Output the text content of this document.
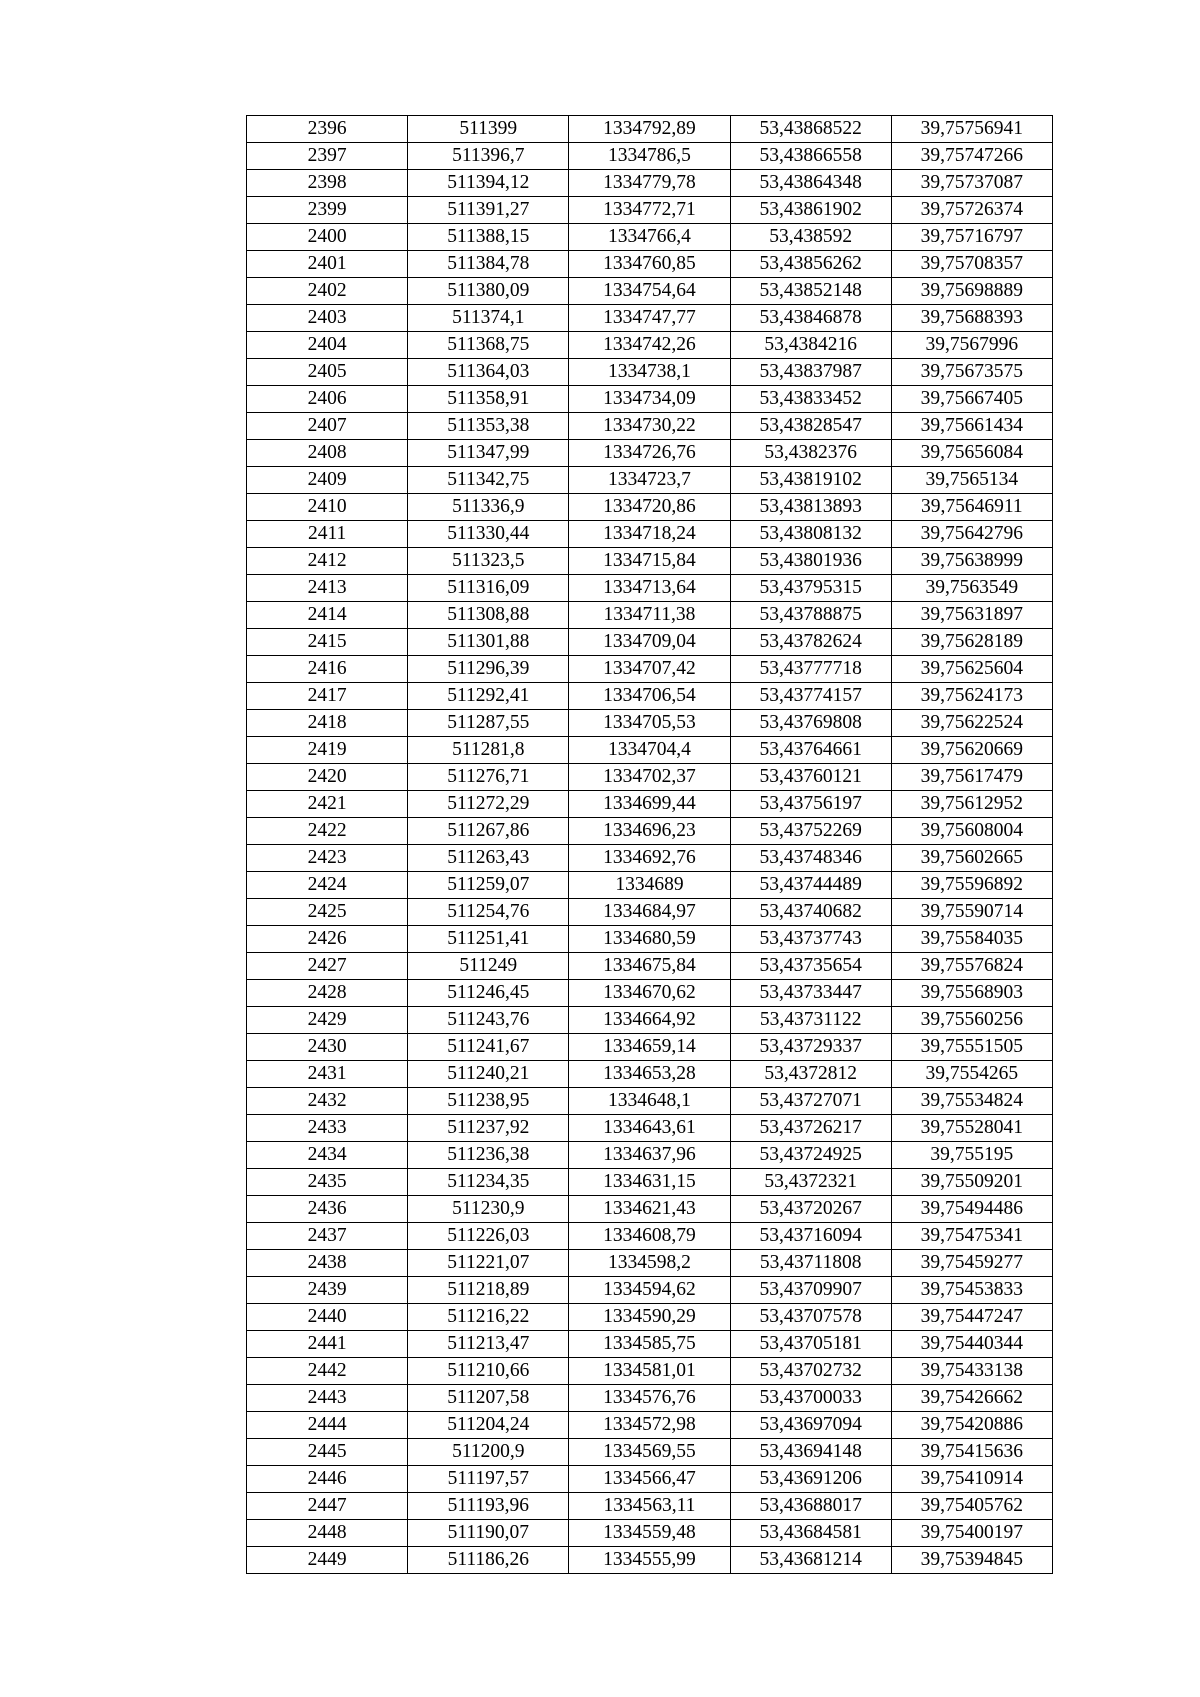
2396	511399	1334792,89	53,43868522	39,75756941
2397	511396,7	1334786,5	53,43866558	39,75747266
2398	511394,12	1334779,78	53,43864348	39,75737087
2399	511391,27	1334772,71	53,43861902	39,75726374
2400	511388,15	1334766,4	53,438592	39,75716797
2401	511384,78	1334760,85	53,43856262	39,75708357
2402	511380,09	1334754,64	53,43852148	39,75698889
2403	511374,1	1334747,77	53,43846878	39,75688393
2404	511368,75	1334742,26	53,4384216	39,7567996
2405	511364,03	1334738,1	53,43837987	39,75673575
2406	511358,91	1334734,09	53,43833452	39,75667405
2407	511353,38	1334730,22	53,43828547	39,75661434
2408	511347,99	1334726,76	53,4382376	39,75656084
2409	511342,75	1334723,7	53,43819102	39,7565134
2410	511336,9	1334720,86	53,43813893	39,75646911
2411	511330,44	1334718,24	53,43808132	39,75642796
2412	511323,5	1334715,84	53,43801936	39,75638999
2413	511316,09	1334713,64	53,43795315	39,7563549
2414	511308,88	1334711,38	53,43788875	39,75631897
2415	511301,88	1334709,04	53,43782624	39,75628189
2416	511296,39	1334707,42	53,43777718	39,75625604
2417	511292,41	1334706,54	53,43774157	39,75624173
2418	511287,55	1334705,53	53,43769808	39,75622524
2419	511281,8	1334704,4	53,43764661	39,75620669
2420	511276,71	1334702,37	53,43760121	39,75617479
2421	511272,29	1334699,44	53,43756197	39,75612952
2422	511267,86	1334696,23	53,43752269	39,75608004
2423	511263,43	1334692,76	53,43748346	39,75602665
2424	511259,07	1334689	53,43744489	39,75596892
2425	511254,76	1334684,97	53,43740682	39,75590714
2426	511251,41	1334680,59	53,43737743	39,75584035
2427	511249	1334675,84	53,43735654	39,75576824
2428	511246,45	1334670,62	53,43733447	39,75568903
2429	511243,76	1334664,92	53,43731122	39,75560256
2430	511241,67	1334659,14	53,43729337	39,75551505
2431	511240,21	1334653,28	53,4372812	39,7554265
2432	511238,95	1334648,1	53,43727071	39,75534824
2433	511237,92	1334643,61	53,43726217	39,75528041
2434	511236,38	1334637,96	53,43724925	39,755195
2435	511234,35	1334631,15	53,4372321	39,75509201
2436	511230,9	1334621,43	53,43720267	39,75494486
2437	511226,03	1334608,79	53,43716094	39,75475341
2438	511221,07	1334598,2	53,43711808	39,75459277
2439	511218,89	1334594,62	53,43709907	39,75453833
2440	511216,22	1334590,29	53,43707578	39,75447247
2441	511213,47	1334585,75	53,43705181	39,75440344
2442	511210,66	1334581,01	53,43702732	39,75433138
2443	511207,58	1334576,76	53,43700033	39,75426662
2444	511204,24	1334572,98	53,43697094	39,75420886
2445	511200,9	1334569,55	53,43694148	39,75415636
2446	511197,57	1334566,47	53,43691206	39,75410914
2447	511193,96	1334563,11	53,43688017	39,75405762
2448	511190,07	1334559,48	53,43684581	39,75400197
2449	511186,26	1334555,99	53,43681214	39,75394845
